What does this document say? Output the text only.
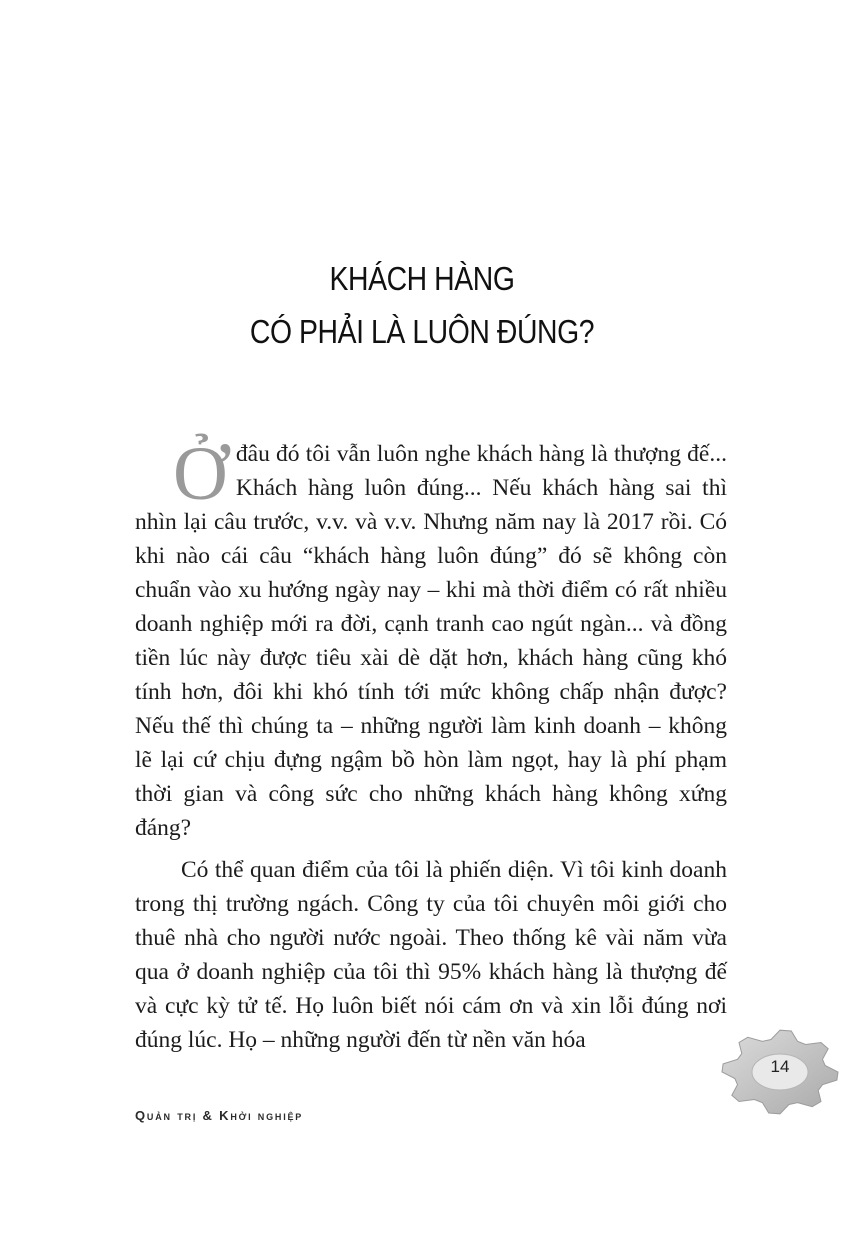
KHÁCH HÀNG
CÓ PHẢI LÀ LUÔN ĐÚNG?

Ởđâu đó tôi vẫn luôn nghe khách hàng là thượng đế... Khách hàng luôn đúng... Nếu khách hàng sai thì nhìn lại câu trước, v.v. và v.v. Nhưng năm nay là 2017 rồi. Có khi nào cái câu “khách hàng luôn đúng” đó sẽ không còn chuẩn vào xu hướng ngày nay – khi mà thời điểm có rất nhiều doanh nghiệp mới ra đời, cạnh tranh cao ngút ngàn... và đồng tiền lúc này được tiêu xài dè dặt hơn, khách hàng cũng khó tính hơn, đôi khi khó tính tới mức không chấp nhận được? Nếu thế thì chúng ta – những người làm kinh doanh – không lẽ lại cứ chịu đựng ngậm bồ hòn làm ngọt, hay là phí phạm thời gian và công sức cho những khách hàng không xứng đáng?

Có thể quan điểm của tôi là phiến diện. Vì tôi kinh doanh trong thị trường ngách. Công ty của tôi chuyên môi giới cho thuê nhà cho người nước ngoài. Theo thống kê vài năm vừa qua ở doanh nghiệp của tôi thì 95% khách hàng là thượng đế và cực kỳ tử tế. Họ luôn biết nói cám ơn và xin lỗi đúng nơi đúng lúc. Họ – những người đến từ nền văn hóa

14
Quản trị & Khởi nghiệp
